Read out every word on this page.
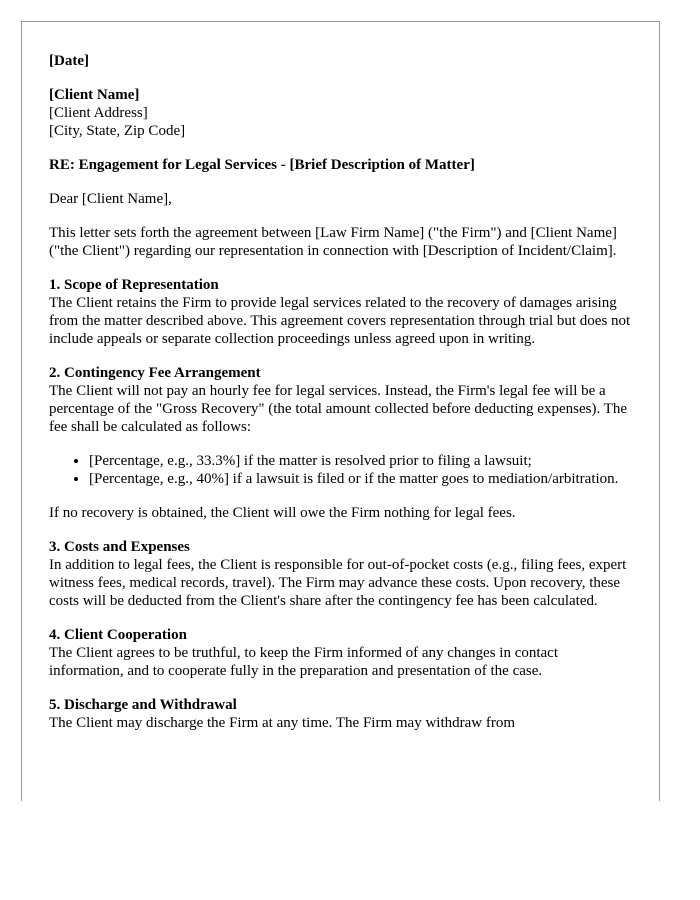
[Date]
[Client Name]
[Client Address]
[City, State, Zip Code]
RE: Engagement for Legal Services - [Brief Description of Matter]
Dear [Client Name],
This letter sets forth the agreement between [Law Firm Name] ("the Firm") and [Client Name] ("the Client") regarding our representation in connection with [Description of Incident/Claim].
1. Scope of Representation
The Client retains the Firm to provide legal services related to the recovery of damages arising from the matter described above. This agreement covers representation through trial but does not include appeals or separate collection proceedings unless agreed upon in writing.
2. Contingency Fee Arrangement
The Client will not pay an hourly fee for legal services. Instead, the Firm's legal fee will be a percentage of the "Gross Recovery" (the total amount collected before deducting expenses). The fee shall be calculated as follows:
• [Percentage, e.g., 33.3%] if the matter is resolved prior to filing a lawsuit;
• [Percentage, e.g., 40%] if a lawsuit is filed or if the matter goes to mediation/arbitration.
If no recovery is obtained, the Client will owe the Firm nothing for legal fees.
3. Costs and Expenses
In addition to legal fees, the Client is responsible for out-of-pocket costs (e.g., filing fees, expert witness fees, medical records, travel). The Firm may advance these costs. Upon recovery, these costs will be deducted from the Client's share after the contingency fee has been calculated.
4. Client Cooperation
The Client agrees to be truthful, to keep the Firm informed of any changes in contact information, and to cooperate fully in the preparation and presentation of the case.
5. Discharge and Withdrawal
The Client may discharge the Firm at any time. The Firm may withdraw from
